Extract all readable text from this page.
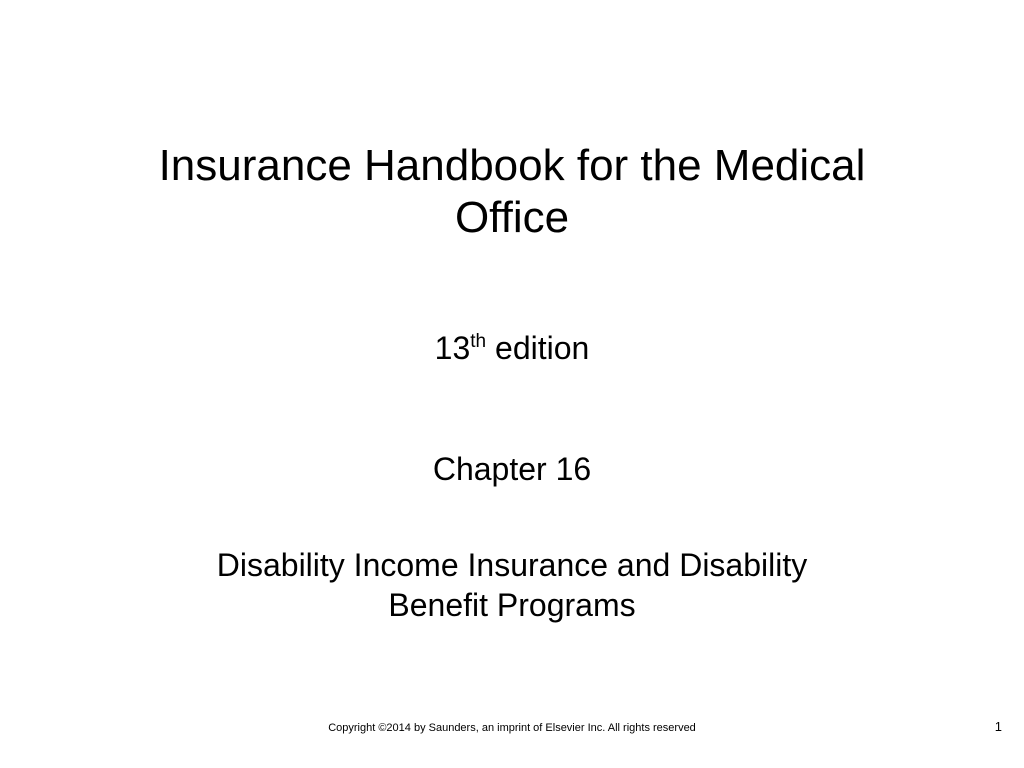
Insurance Handbook for the Medical
Office
13th edition
Chapter 16
Disability Income Insurance and Disability
Benefit Programs
Copyright ©2014 by Saunders, an imprint of Elsevier Inc. All rights reserved	1
